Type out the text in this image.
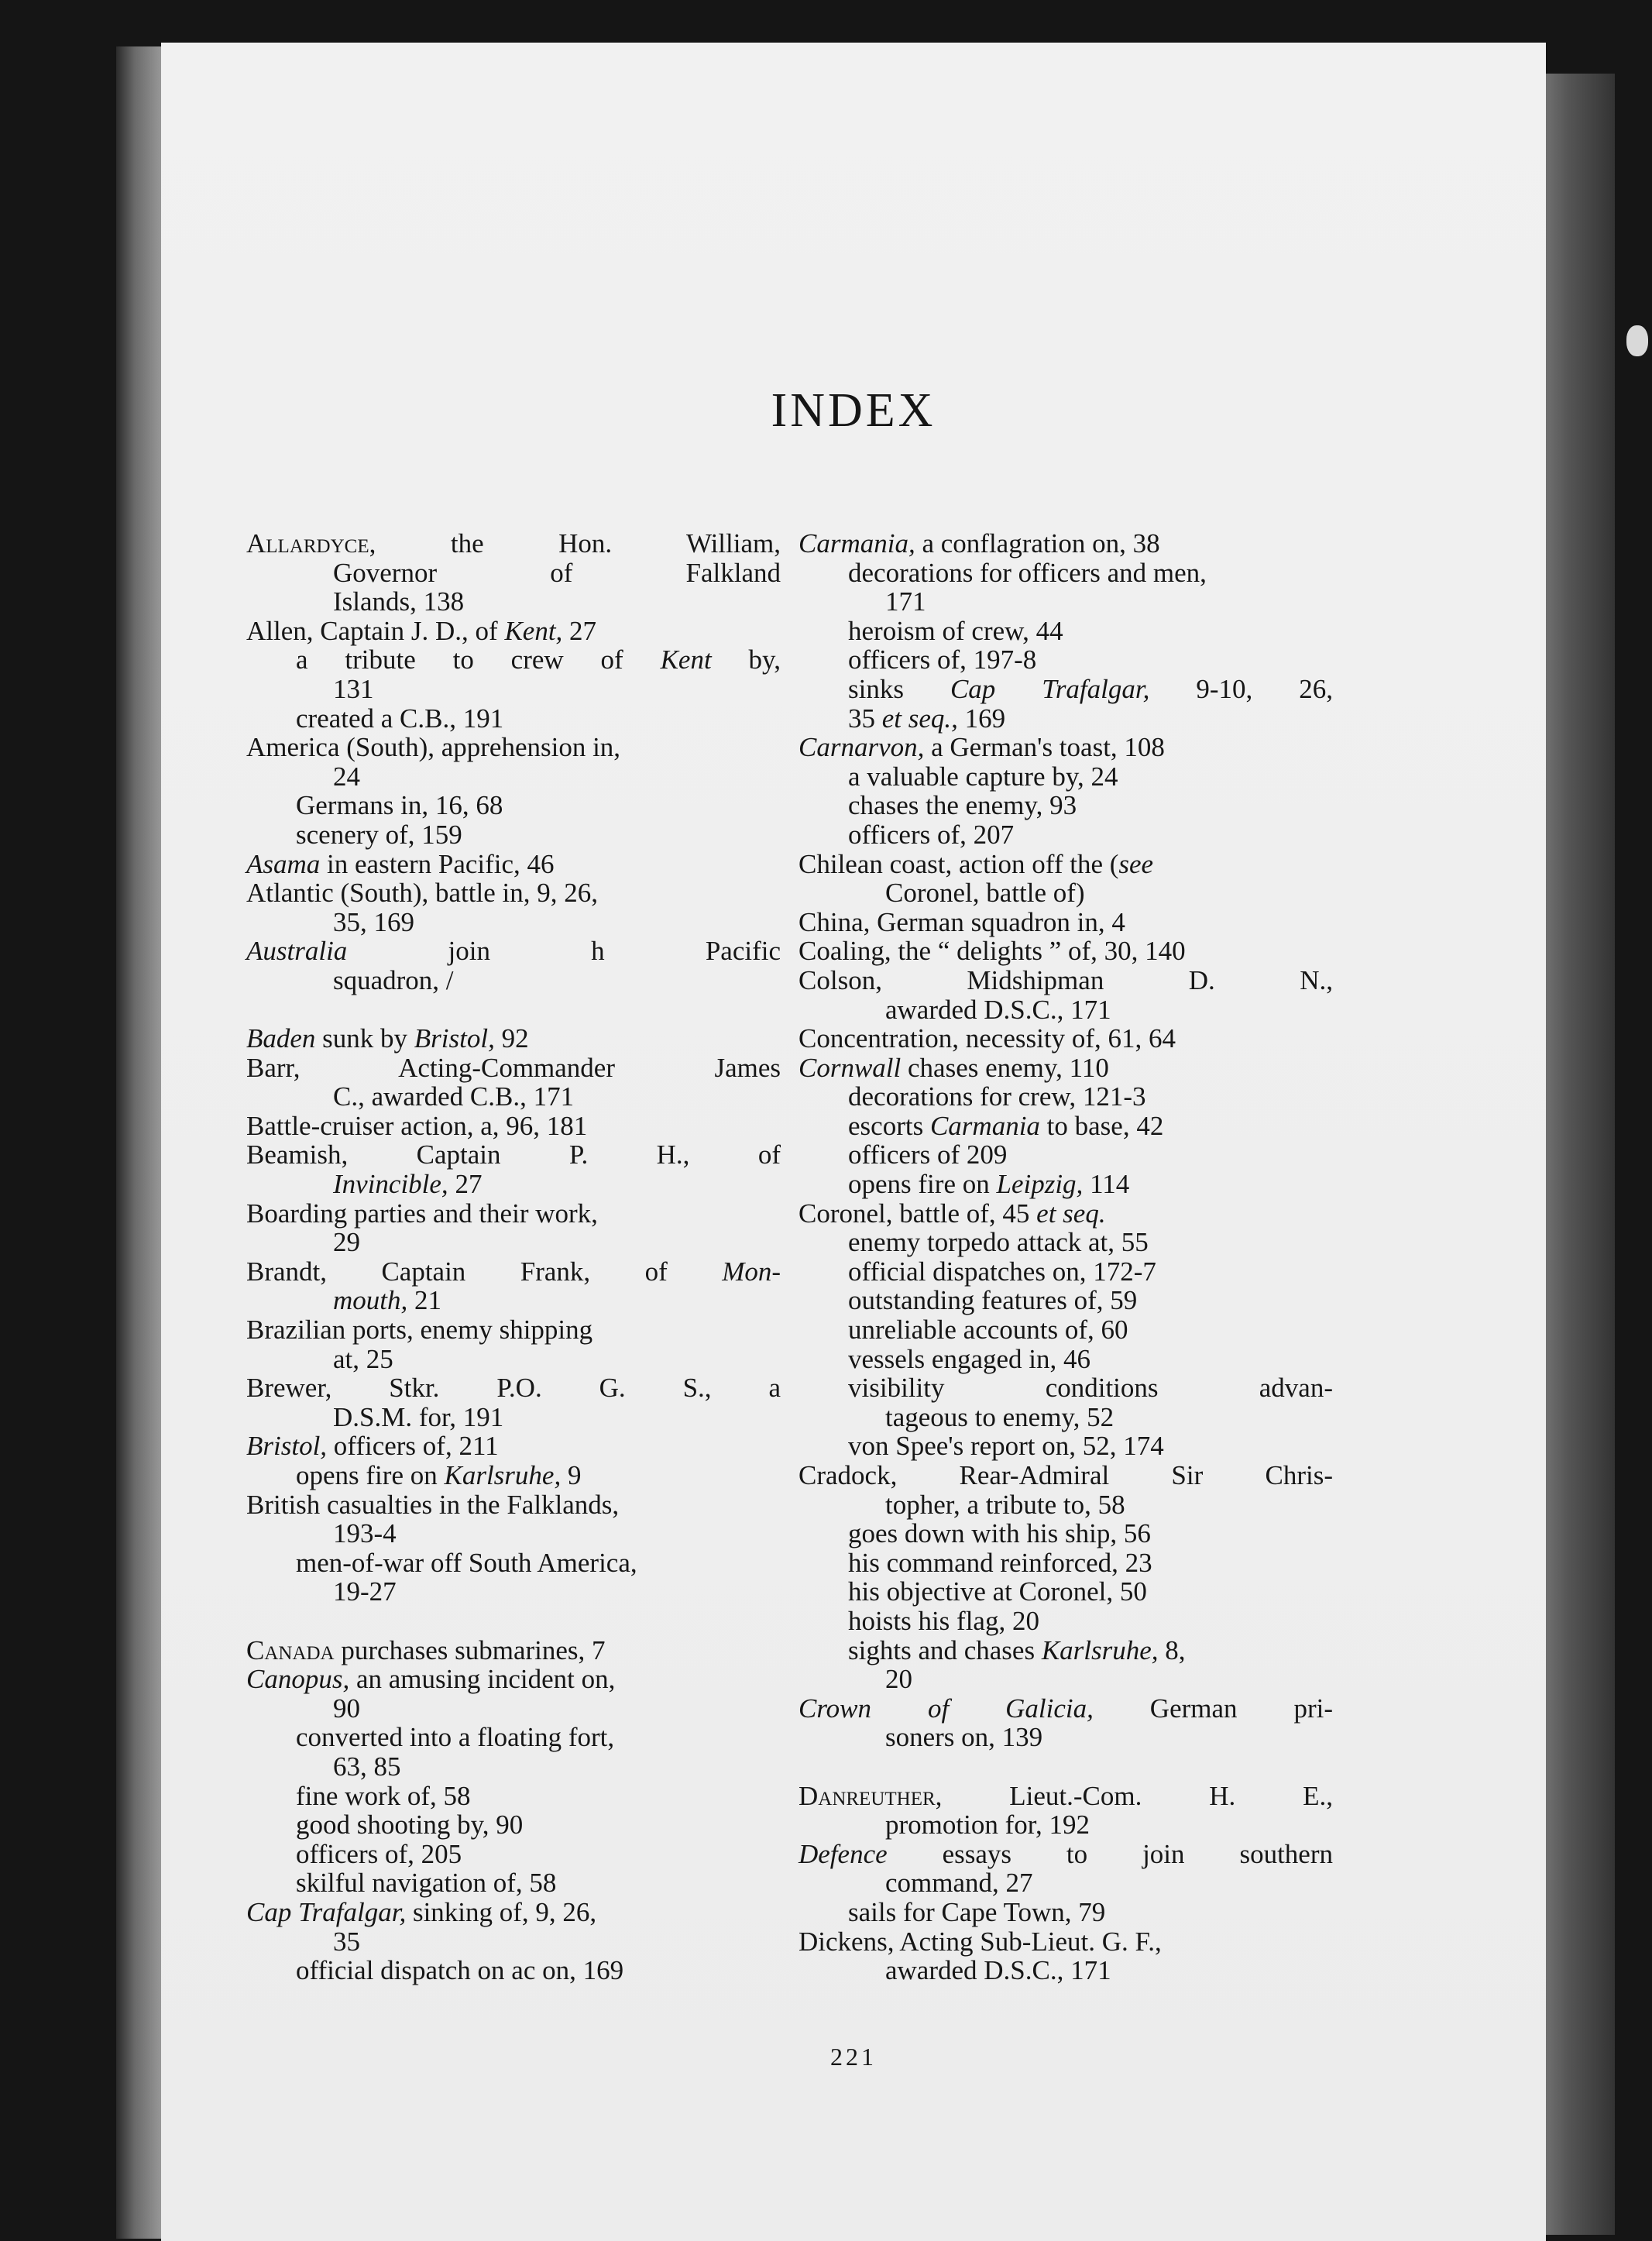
INDEX
Allardyce, the Hon. William,
Governor of Falkland
Islands, 138
Allen, Captain J. D., of Kent, 27
a tribute to crew of Kent by,
131
created a C.B., 191
America (South), apprehension in,
24
Germans in, 16, 68
scenery of, 159
Asama in eastern Pacific, 46
Atlantic (South), battle in, 9, 26,
35, 169
Australia join h Pacific
squadron, /
Baden sunk by Bristol, 92
Barr, Acting-Commander James
C., awarded C.B., 171
Battle-cruiser action, a, 96, 181
Beamish, Captain P. H., of
Invincible, 27
Boarding parties and their work,
29
Brandt, Captain Frank, of Mon-
mouth, 21
Brazilian ports, enemy shipping
at, 25
Brewer, Stkr. P.O. G. S., a
D.S.M. for, 191
Bristol, officers of, 211
opens fire on Karlsruhe, 9
British casualties in the Falklands,
193-4
men-of-war off South America,
19-27
Canada purchases submarines, 7
Canopus, an amusing incident on,
90
converted into a floating fort,
63, 85
fine work of, 58
good shooting by, 90
officers of, 205
skilful navigation of, 58
Cap Trafalgar, sinking of, 9, 26,
35
official dispatch on ac on, 169
Carmania, a conflagration on, 38
decorations for officers and men,
171
heroism of crew, 44
officers of, 197-8
sinks Cap Trafalgar, 9-10, 26,
35 et seq., 169
Carnarvon, a German's toast, 108
a valuable capture by, 24
chases the enemy, 93
officers of, 207
Chilean coast, action off the (see
Coronel, battle of)
China, German squadron in, 4
Coaling, the “ delights ” of, 30, 140
Colson, Midshipman D. N.,
awarded D.S.C., 171
Concentration, necessity of, 61, 64
Cornwall chases enemy, 110
decorations for crew, 121-3
escorts Carmania to base, 42
officers of 209
opens fire on Leipzig, 114
Coronel, battle of, 45 et seq.
enemy torpedo attack at, 55
official dispatches on, 172-7
outstanding features of, 59
unreliable accounts of, 60
vessels engaged in, 46
visibility conditions advan-
tageous to enemy, 52
von Spee's report on, 52, 174
Cradock, Rear-Admiral Sir Chris-
topher, a tribute to, 58
goes down with his ship, 56
his command reinforced, 23
his objective at Coronel, 50
hoists his flag, 20
sights and chases Karlsruhe, 8,
20
Crown of Galicia, German pri-
soners on, 139
Danreuther, Lieut.-Com. H. E.,
promotion for, 192
Defence essays to join southern
command, 27
sails for Cape Town, 79
Dickens, Acting Sub-Lieut. G. F.,
awarded D.S.C., 171
221
